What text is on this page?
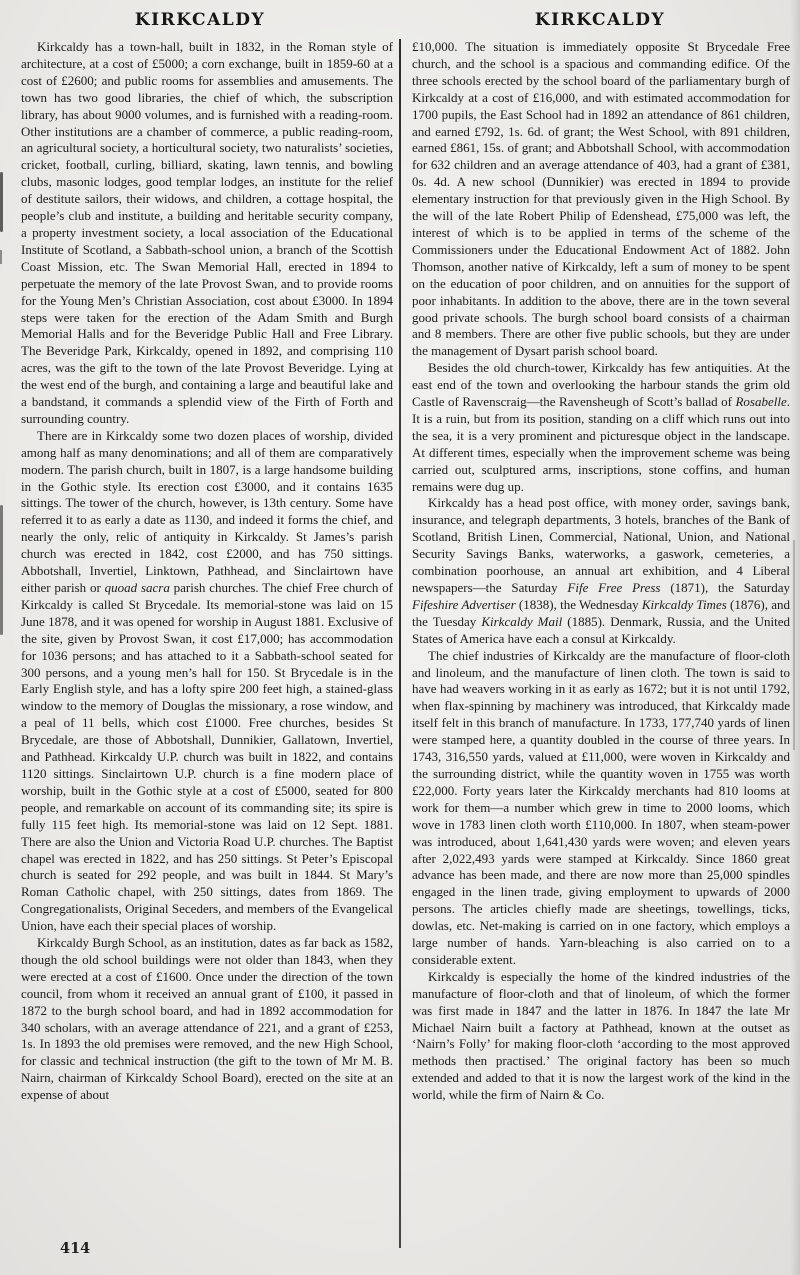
KIRKCALDY	KIRKCALDY

Kirkcaldy has a town-hall, built in 1832, in the Roman style of architecture, at a cost of £5000; a corn exchange, built in 1859-60 at a cost of £2600; and public rooms for assemblies and amusements. The town has two good libraries, the chief of which, the subscription library, has about 9000 volumes, and is furnished with a reading-room. Other institutions are a chamber of commerce, a public reading-room, an agricultural society, a horticultural society, two naturalists’ societies, cricket, football, curling, billiard, skating, lawn tennis, and bowling clubs, masonic lodges, good templar lodges, an institute for the relief of destitute sailors, their widows, and children, a cottage hospital, the people’s club and institute, a building and heritable security company, a property investment society, a local association of the Educational Institute of Scotland, a Sabbath-school union, a branch of the Scottish Coast Mission, etc. The Swan Memorial Hall, erected in 1894 to perpetuate the memory of the late Provost Swan, and to provide rooms for the Young Men’s Christian Association, cost about £3000. In 1894 steps were taken for the erection of the Adam Smith and Burgh Memorial Halls and for the Beveridge Public Hall and Free Library. The Beveridge Park, Kirkcaldy, opened in 1892, and comprising 110 acres, was the gift to the town of the late Provost Beveridge. Lying at the west end of the burgh, and containing a large and beautiful lake and a bandstand, it commands a splendid view of the Firth of Forth and surrounding country.

There are in Kirkcaldy some two dozen places of worship, divided among half as many denominations; and all of them are comparatively modern. The parish church, built in 1807, is a large handsome building in the Gothic style. Its erection cost £3000, and it contains 1635 sittings. The tower of the church, however, is 13th century. Some have referred it to as early a date as 1130, and indeed it forms the chief, and nearly the only, relic of antiquity in Kirkcaldy. St James’s parish church was erected in 1842, cost £2000, and has 750 sittings. Abbotshall, Invertiel, Linktown, Pathhead, and Sinclairtown have either parish or quoad sacra parish churches. The chief Free church of Kirkcaldy is called St Brycedale. Its memorial-stone was laid on 15 June 1878, and it was opened for worship in August 1881. Exclusive of the site, given by Provost Swan, it cost £17,000; has accommodation for 1036 persons; and has attached to it a Sabbath-school seated for 300 persons, and a young men’s hall for 150. St Brycedale is in the Early English style, and has a lofty spire 200 feet high, a stained-glass window to the memory of Douglas the missionary, a rose window, and a peal of 11 bells, which cost £1000. Free churches, besides St Brycedale, are those of Abbotshall, Dunnikier, Gallatown, Invertiel, and Pathhead. Kirkcaldy U.P. church was built in 1822, and contains 1120 sittings. Sinclairtown U.P. church is a fine modern place of worship, built in the Gothic style at a cost of £5000, seated for 800 people, and remarkable on account of its commanding site; its spire is fully 115 feet high. Its memorial-stone was laid on 12 Sept. 1881. There are also the Union and Victoria Road U.P. churches. The Baptist chapel was erected in 1822, and has 250 sittings. St Peter’s Episcopal church is seated for 292 people, and was built in 1844. St Mary’s Roman Catholic chapel, with 250 sittings, dates from 1869. The Congregationalists, Original Seceders, and members of the Evangelical Union, have each their special places of worship.

Kirkcaldy Burgh School, as an institution, dates as far back as 1582, though the old school buildings were not older than 1843, when they were erected at a cost of £1600. Once under the direction of the town council, from whom it received an annual grant of £100, it passed in 1872 to the burgh school board, and had in 1892 accommodation for 340 scholars, with an average attendance of 221, and a grant of £253, 1s. In 1893 the old premises were removed, and the new High School, for classic and technical instruction (the gift to the town of Mr M. B. Nairn, chairman of Kirkcaldy School Board), erected on the site at an expense of about

£10,000. The situation is immediately opposite St Brycedale Free church, and the school is a spacious and commanding edifice. Of the three schools erected by the school board of the parliamentary burgh of Kirkcaldy at a cost of £16,000, and with estimated accommodation for 1700 pupils, the East School had in 1892 an attendance of 861 children, and earned £792, 1s. 6d. of grant; the West School, with 891 children, earned £861, 15s. of grant; and Abbotshall School, with accommodation for 632 children and an average attendance of 403, had a grant of £381, 0s. 4d. A new school (Dunnikier) was erected in 1894 to provide elementary instruction for that previously given in the High School. By the will of the late Robert Philip of Edenshead, £75,000 was left, the interest of which is to be applied in terms of the scheme of the Commissioners under the Educational Endowment Act of 1882. John Thomson, another native of Kirkcaldy, left a sum of money to be spent on the education of poor children, and on annuities for the support of poor inhabitants. In addition to the above, there are in the town several good private schools. The burgh school board consists of a chairman and 8 members. There are other five public schools, but they are under the management of Dysart parish school board.

Besides the old church-tower, Kirkcaldy has few antiquities. At the east end of the town and overlooking the harbour stands the grim old Castle of Ravenscraig—the Ravensheugh of Scott’s ballad of Rosabelle. It is a ruin, but from its position, standing on a cliff which runs out into the sea, it is a very prominent and picturesque object in the landscape. At different times, especially when the improvement scheme was being carried out, sculptured arms, inscriptions, stone coffins, and human remains were dug up.

Kirkcaldy has a head post office, with money order, savings bank, insurance, and telegraph departments, 3 hotels, branches of the Bank of Scotland, British Linen, Commercial, National, Union, and National Security Savings Banks, waterworks, a gaswork, cemeteries, a combination poorhouse, an annual art exhibition, and 4 Liberal newspapers—the Saturday Fife Free Press (1871), the Saturday Fifeshire Advertiser (1838), the Wednesday Kirkcaldy Times (1876), and the Tuesday Kirkcaldy Mail (1885). Denmark, Russia, and the United States of America have each a consul at Kirkcaldy.

The chief industries of Kirkcaldy are the manufacture of floor-cloth and linoleum, and the manufacture of linen cloth. The town is said to have had weavers working in it as early as 1672; but it is not until 1792, when flax-spinning by machinery was introduced, that Kirkcaldy made itself felt in this branch of manufacture. In 1733, 177,740 yards of linen were stamped here, a quantity doubled in the course of three years. In 1743, 316,550 yards, valued at £11,000, were woven in Kirkcaldy and the surrounding district, while the quantity woven in 1755 was worth £22,000. Forty years later the Kirkcaldy merchants had 810 looms at work for them—a number which grew in time to 2000 looms, which wove in 1783 linen cloth worth £110,000. In 1807, when steam-power was introduced, about 1,641,430 yards were woven; and eleven years after 2,022,493 yards were stamped at Kirkcaldy. Since 1860 great advance has been made, and there are now more than 25,000 spindles engaged in the linen trade, giving employment to upwards of 2000 persons. The articles chiefly made are sheetings, towellings, ticks, dowlas, etc. Net-making is carried on in one factory, which employs a large number of hands. Yarn-bleaching is also carried on to a considerable extent.

Kirkcaldy is especially the home of the kindred industries of the manufacture of floor-cloth and that of linoleum, of which the former was first made in 1847 and the latter in 1876. In 1847 the late Mr Michael Nairn built a factory at Pathhead, known at the outset as ‘Nairn’s Folly’ for making floor-cloth ‘according to the most approved methods then practised.’ The original factory has been so much extended and added to that it is now the largest work of the kind in the world, while the firm of Nairn & Co.

414
